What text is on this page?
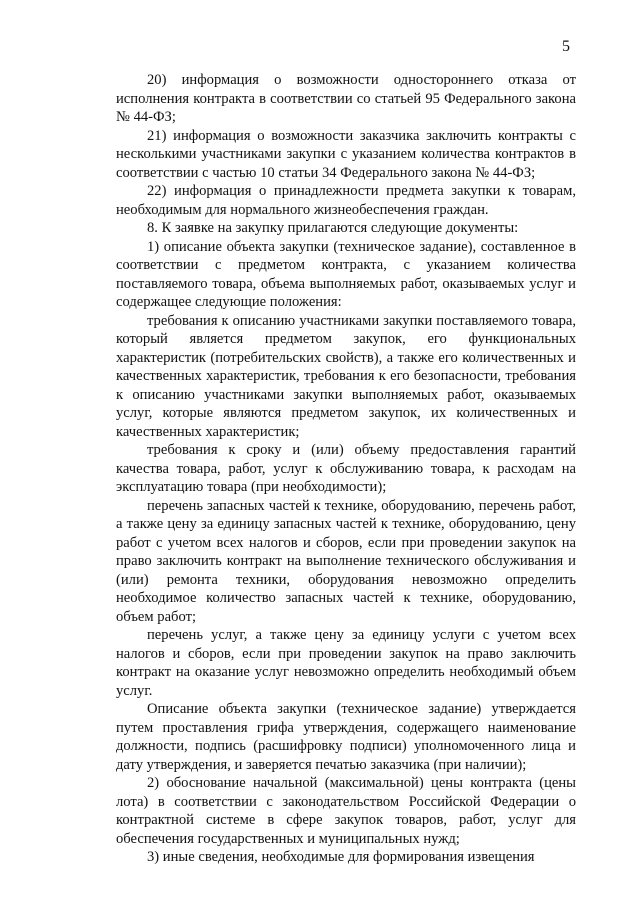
5

20) информация о возможности одностороннего отказа от исполнения контракта в соответствии со статьей 95 Федерального закона № 44-ФЗ;

21) информация о возможности заказчика заключить контракты с несколькими участниками закупки с указанием количества контрактов в соответствии с частью 10 статьи 34 Федерального закона № 44-ФЗ;

22) информация о принадлежности предмета закупки к товарам, необходимым для нормального жизнеобеспечения граждан.

8. К заявке на закупку прилагаются следующие документы:

1) описание объекта закупки (техническое задание), составленное в соответствии с предметом контракта, с указанием количества поставляемого товара, объема выполняемых работ, оказываемых услуг и содержащее следующие положения:

требования к описанию участниками закупки поставляемого товара, который является предметом закупок, его функциональных характеристик (потребительских свойств), а также его количественных и качественных характеристик, требования к его безопасности, требования к описанию участниками закупки выполняемых работ, оказываемых услуг, которые являются предметом закупок, их количественных и качественных характеристик;

требования к сроку и (или) объему предоставления гарантий качества товара, работ, услуг к обслуживанию товара, к расходам на эксплуатацию товара (при необходимости);

перечень запасных частей к технике, оборудованию, перечень работ, а также цену за единицу запасных частей к технике, оборудованию, цену работ с учетом всех налогов и сборов, если при проведении закупок на право заключить контракт на выполнение технического обслуживания и (или) ремонта техники, оборудования невозможно определить необходимое количество запасных частей к технике, оборудованию, объем работ;

перечень услуг, а также цену за единицу услуги с учетом всех налогов и сборов, если при проведении закупок на право заключить контракт на оказание услуг невозможно определить необходимый объем услуг.

Описание объекта закупки (техническое задание) утверждается путем проставления грифа утверждения, содержащего наименование должности, подпись (расшифровку подписи) уполномоченного лица и дату утверждения, и заверяется печатью заказчика (при наличии);

2) обоснование начальной (максимальной) цены контракта (цены лота) в соответствии с законодательством Российской Федерации о контрактной системе в сфере закупок товаров, работ, услуг для обеспечения государственных и муниципальных нужд;

3) иные сведения, необходимые для формирования извещения
